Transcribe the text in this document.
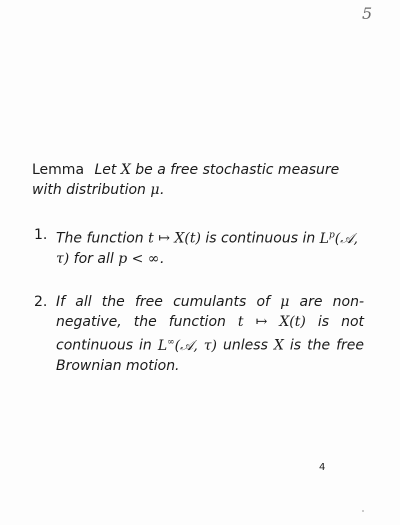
5
Lemma Let X be a free stochastic measure with distribution μ.
1. The function t ↦ X(t) is continuous in $L^p(𝒜$, τ) for all p < ∞.
2. If all the free cumulants of μ are non-negative, the function t ↦ X(t) is not continuous in L∞(𝒜, τ) unless X is the free Brownian motion.
4
